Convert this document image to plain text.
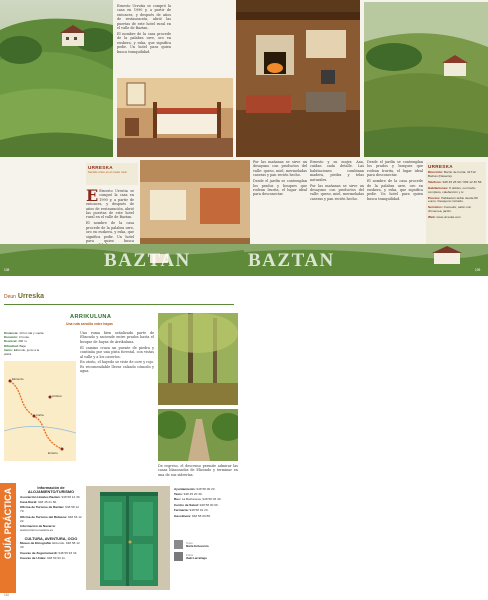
Ernesto Urrutia se compró la casa en 1990 y, a partir de entonces, y después de años de restauración, abrió las puertas de este hotel rural en el valle de Baztan.

El nombre de la casa procede de la palabra urre, oro en euskera, y eska, que significa pedir. Un hotel para quien busca tranquilidad.

URRESKA
Sentido único en el medio rural

E Ernesto Urrutia se compró la casa en 1990 y, a partir de entonces, y después de años de restauración, abrió las puertas de este hotel rural en el valle de Baztan.

El nombre de la casa procede de la palabra urre, oro en euskera, y eska, que significa pedir. Un hotel para quien busca

Por las mañanas se sirve un desayuno con productos del valle: queso, miel, mermeladas caseras y pan recién hecho.

Desde el jardín se contemplan los prados y bosques que rodean Irurita, el lugar ideal para desconectar.

Ernesto y su mujer, Ana, cuidan cada detalle. Las habitaciones combinan madera, piedra y telas naturales.

Por las mañanas se sirve un desayuno con productos del valle: queso, miel, mermeladas caseras y pan recién hecho.

Desde el jardín se contemplan los prados y bosques que rodean Irurita, el lugar ideal para desconectar.

El nombre de la casa procede de la palabra urre, oro en euskera, y eska, que significa pedir. Un hotel para quien busca tranquilidad.

URRESKA
Dirección: Barrio de Irurita. 31712 Baztan (Navarra).
Teléfono: 948 45 26 90 / 669 12 30 56.
Habitaciones: 6 dobles, con baño completo, calefacción y tv.
Precios: Habitación doble desde 80 euros. Desayuno incluido.
Servicios: Comedor, salón con chimenea, jardín.
Web: www.urreska.com
BAZTAN	BAZTAN
108	109
Deun Urreska
ARRIKULUNA
Una ruta sencilla entre hayas
Distancia: 10 km ida y vuelta.
Duración: 3 horas.
Desnivel: 400 m.
Dificultad: Baja.
Inicio: Elizondo, junto a la plaza.
Elizondo
Irurita
Arizkun
Erratzu

Una ruma bien señalizada parte de Elizondo y asciende entre prados hasta el bosque de hayas de Arrikuluna.

El camino cruza un puente de piedra y continúa por una pista forestal, con vistas al valle y a los caseríos.

En otoño, el hayedo se viste de ocre y rojo. Es recomendable llevar calzado cómodo y agua.

De regreso, el descenso permite admirar las casas blasonadas de Elizondo y terminar en una de sus sidrerías.

GUÍA PRÁCTICA	Información de ALOJAMIENTO/TURISMO
Asociación Hoteles Baztan: 948 58 12 30.
Casa Rural: 948 45 21 60.
Oficina de Turismo de Baztan: 948 58 12 79.
Oficina de Turismo del Bidasoa: 948 63 12 22.
Información de Navarra: www.turismo.navarra.es
CULTURA, AVENTURA, OCIO
Museo de Etnografía: Elizondo. 948 58 12 30.
Cuevas de Zugarramurdi: 948 59 93 34.
Cuevas de Urdax: 948 59 93 11.
Ayuntamiento: 948 58 00 20.
Taxis: 948 45 20 30.
Bus: La Baztanesa, 948 58 03 49.
Centro de Salud: 948 58 00 06.
Farmacia: 948 58 01 23.
Gasolinera: 948 58 00 88.
Texto
Marta Echeverría
Fotos
Iñaki Larrañaga
110
